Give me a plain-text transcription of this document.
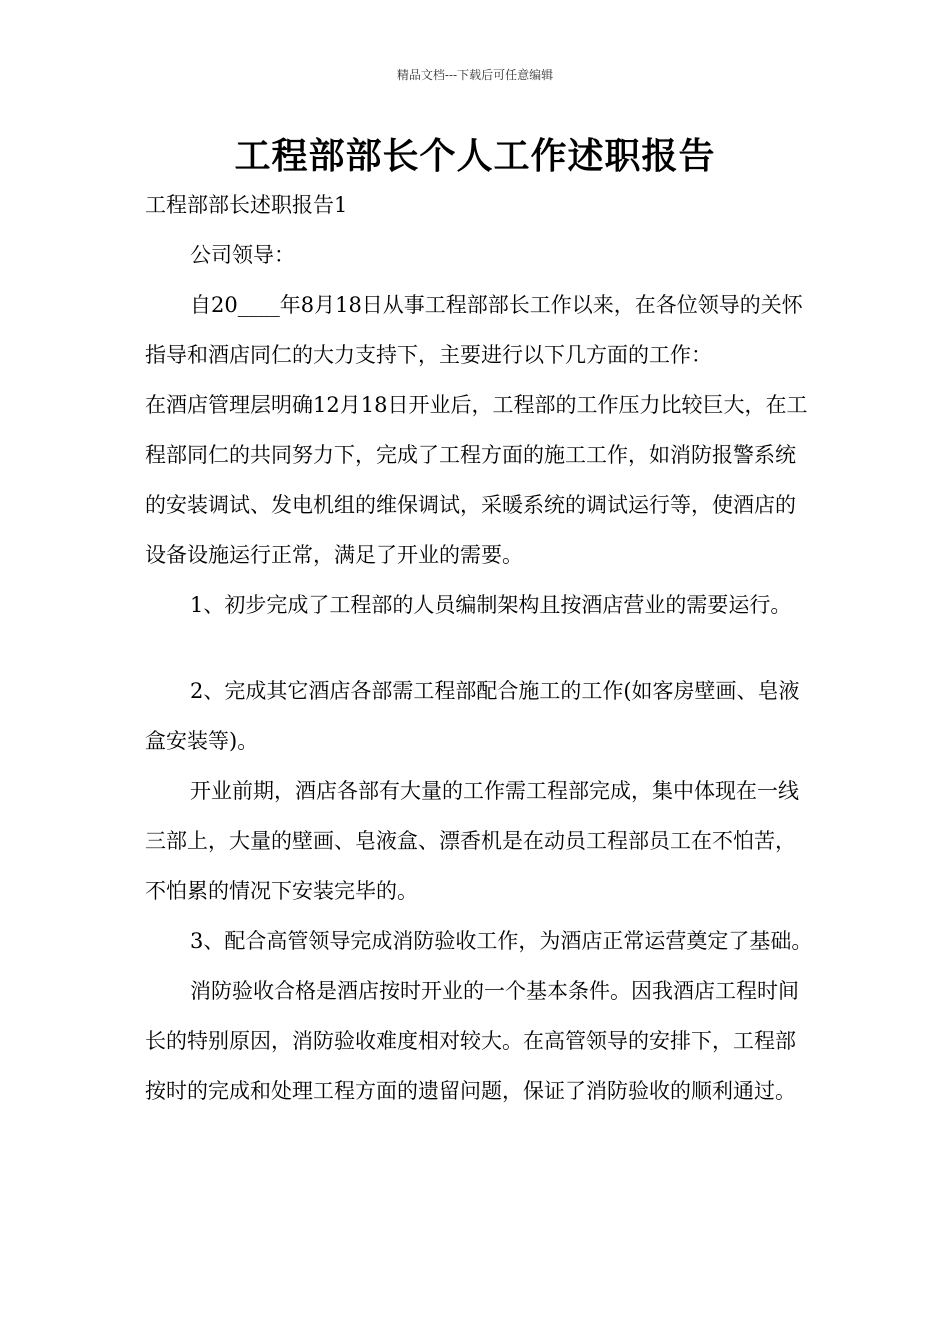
精品文档---下载后可任意编辑
工程部部长个人工作述职报告

工程部部长述职报告1

公司领导：

自20____年8月18日从事工程部部长工作以来，在各位领导的关怀指导和酒店同仁的大力支持下，主要进行以下几方面的工作：

在酒店管理层明确12月18日开业后，工程部的工作压力比较巨大，在工程部同仁的共同努力下，完成了工程方面的施工工作，如消防报警系统的安装调试、发电机组的维保调试，采暖系统的调试运行等，使酒店的设备设施运行正常，满足了开业的需要。

1、初步完成了工程部的人员编制架构且按酒店营业的需要运行。

2、完成其它酒店各部需工程部配合施工的工作(如客房壁画、皂液盒安装等)。

开业前期，酒店各部有大量的工作需工程部完成，集中体现在一线三部上，大量的壁画、皂液盒、漂香机是在动员工程部员工在不怕苦，不怕累的情况下安装完毕的。

3、配合高管领导完成消防验收工作，为酒店正常运营奠定了基础。

消防验收合格是酒店按时开业的一个基本条件。因我酒店工程时间长的特别原因，消防验收难度相对较大。在高管领导的安排下，工程部按时的完成和处理工程方面的遗留问题，保证了消防验收的顺利通过。
